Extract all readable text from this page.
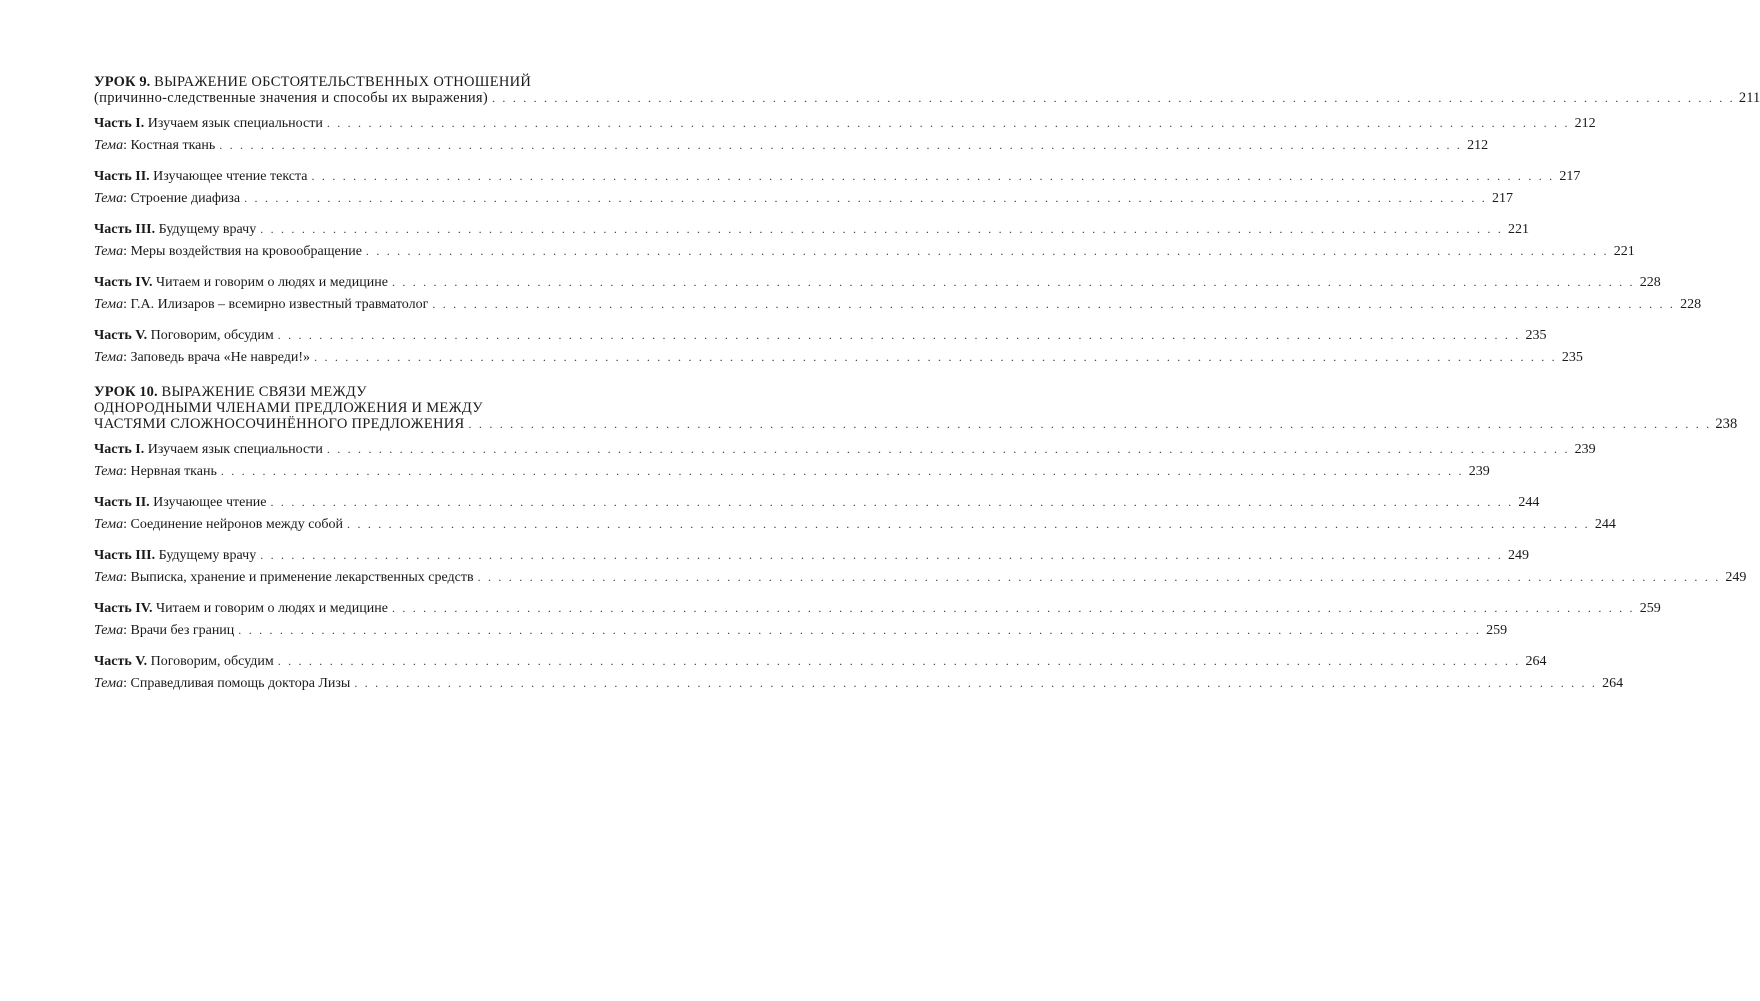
УРОК 9. ВЫРАЖЕНИЕ ОБСТОЯТЕЛЬСТВЕННЫХ ОТНОШЕНИЙ
(причинно-следственные значения и способы их выражения) . . . . . . . . . . . . . . . . . . . . . . . . . . . . . . . . . . . . . . . . . . . . . . . . . . . . . . . . . . . . . . . . . . . . . . . . . . . . . . . . . . . . . . . . . . . . . . . . . . . . . . . . . . . . . . . . . . . . . . . . 211
Часть I. Изучаем язык специальности . . . . . . . . . . . . . . . . . . . . . . . . . . . . . . . . . . . . . . . . . . . . . . . . . . . . . . . . . . . . . . . . . . . . . . . . . . . . . . . . . . . . . . . . . . . . . . . . . . . . . . . . . . . . . . . . . . . . . . . . 212
Тема: Костная ткань . . . . . . . . . . . . . . . . . . . . . . . . . . . . . . . . . . . . . . . . . . . . . . . . . . . . . . . . . . . . . . . . . . . . . . . . . . . . . . . . . . . . . . . . . . . . . . . . . . . . . . . . . . . . . . . . . . . . . . . . 212
Часть II. Изучающее чтение текста . . . . . . . . . . . . . . . . . . . . . . . . . . . . . . . . . . . . . . . . . . . . . . . . . . . . . . . . . . . . . . . . . . . . . . . . . . . . . . . . . . . . . . . . . . . . . . . . . . . . . . . . . . . . . . . . . . . . . . . . 217
Тема: Строение диафиза . . . . . . . . . . . . . . . . . . . . . . . . . . . . . . . . . . . . . . . . . . . . . . . . . . . . . . . . . . . . . . . . . . . . . . . . . . . . . . . . . . . . . . . . . . . . . . . . . . . . . . . . . . . . . . . . . . . . . . . . 217
Часть III. Будущему врачу . . . . . . . . . . . . . . . . . . . . . . . . . . . . . . . . . . . . . . . . . . . . . . . . . . . . . . . . . . . . . . . . . . . . . . . . . . . . . . . . . . . . . . . . . . . . . . . . . . . . . . . . . . . . . . . . . . . . . . . . 221
Тема: Меры воздействия на кровообращение . . . . . . . . . . . . . . . . . . . . . . . . . . . . . . . . . . . . . . . . . . . . . . . . . . . . . . . . . . . . . . . . . . . . . . . . . . . . . . . . . . . . . . . . . . . . . . . . . . . . . . . . . . . . . . . . . . . . . . . . 221
Часть IV. Читаем и говорим о людях и медицине . . . . . . . . . . . . . . . . . . . . . . . . . . . . . . . . . . . . . . . . . . . . . . . . . . . . . . . . . . . . . . . . . . . . . . . . . . . . . . . . . . . . . . . . . . . . . . . . . . . . . . . . . . . . . . . . . . . . . . . . 228
Тема: Г.А. Илизаров – всемирно известный травматолог . . . . . . . . . . . . . . . . . . . . . . . . . . . . . . . . . . . . . . . . . . . . . . . . . . . . . . . . . . . . . . . . . . . . . . . . . . . . . . . . . . . . . . . . . . . . . . . . . . . . . . . . . . . . . . . . . . . . . . . . 228
Часть V. Поговорим, обсудим . . . . . . . . . . . . . . . . . . . . . . . . . . . . . . . . . . . . . . . . . . . . . . . . . . . . . . . . . . . . . . . . . . . . . . . . . . . . . . . . . . . . . . . . . . . . . . . . . . . . . . . . . . . . . . . . . . . . . . . . 235
Тема: Заповедь врача «Не навреди!» . . . . . . . . . . . . . . . . . . . . . . . . . . . . . . . . . . . . . . . . . . . . . . . . . . . . . . . . . . . . . . . . . . . . . . . . . . . . . . . . . . . . . . . . . . . . . . . . . . . . . . . . . . . . . . . . . . . . . . . . 235
УРОК 10. ВЫРАЖЕНИЕ СВЯЗИ МЕЖДУ
ОДНОРОДНЫМИ ЧЛЕНАМИ ПРЕДЛОЖЕНИЯ И МЕЖДУ
ЧАСТЯМИ СЛОЖНОСОЧИНЁННОГО ПРЕДЛОЖЕНИЯ . . . . . . . . . . . . . . . . . . . . . . . . . . . . . . . . . . . . . . . . . . . . . . . . . . . . . . . . . . . . . . . . . . . . . . . . . . . . . . . . . . . . . . . . . . . . . . . . . . . . . . . . . . . . . . . . . . . . . . . . 238
Часть I. Изучаем язык специальности . . . . . . . . . . . . . . . . . . . . . . . . . . . . . . . . . . . . . . . . . . . . . . . . . . . . . . . . . . . . . . . . . . . . . . . . . . . . . . . . . . . . . . . . . . . . . . . . . . . . . . . . . . . . . . . . . . . . . . . . 239
Тема: Нервная ткань . . . . . . . . . . . . . . . . . . . . . . . . . . . . . . . . . . . . . . . . . . . . . . . . . . . . . . . . . . . . . . . . . . . . . . . . . . . . . . . . . . . . . . . . . . . . . . . . . . . . . . . . . . . . . . . . . . . . . . . . 239
Часть II. Изучающее чтение . . . . . . . . . . . . . . . . . . . . . . . . . . . . . . . . . . . . . . . . . . . . . . . . . . . . . . . . . . . . . . . . . . . . . . . . . . . . . . . . . . . . . . . . . . . . . . . . . . . . . . . . . . . . . . . . . . . . . . . . 244
Тема: Соединение нейронов между собой . . . . . . . . . . . . . . . . . . . . . . . . . . . . . . . . . . . . . . . . . . . . . . . . . . . . . . . . . . . . . . . . . . . . . . . . . . . . . . . . . . . . . . . . . . . . . . . . . . . . . . . . . . . . . . . . . . . . . . . . 244
Часть III. Будущему врачу . . . . . . . . . . . . . . . . . . . . . . . . . . . . . . . . . . . . . . . . . . . . . . . . . . . . . . . . . . . . . . . . . . . . . . . . . . . . . . . . . . . . . . . . . . . . . . . . . . . . . . . . . . . . . . . . . . . . . . . . 249
Тема: Выписка, хранение и применение лекарственных средств . . . . . . . . . . . . . . . . . . . . . . . . . . . . . . . . . . . . . . . . . . . . . . . . . . . . . . . . . . . . . . . . . . . . . . . . . . . . . . . . . . . . . . . . . . . . . . . . . . . . . . . . . . . . . . . . . . . . . . . . 249
Часть IV. Читаем и говорим о людях и медицине . . . . . . . . . . . . . . . . . . . . . . . . . . . . . . . . . . . . . . . . . . . . . . . . . . . . . . . . . . . . . . . . . . . . . . . . . . . . . . . . . . . . . . . . . . . . . . . . . . . . . . . . . . . . . . . . . . . . . . . . 259
Тема: Врачи без границ . . . . . . . . . . . . . . . . . . . . . . . . . . . . . . . . . . . . . . . . . . . . . . . . . . . . . . . . . . . . . . . . . . . . . . . . . . . . . . . . . . . . . . . . . . . . . . . . . . . . . . . . . . . . . . . . . . . . . . . . 259
Часть V. Поговорим, обсудим . . . . . . . . . . . . . . . . . . . . . . . . . . . . . . . . . . . . . . . . . . . . . . . . . . . . . . . . . . . . . . . . . . . . . . . . . . . . . . . . . . . . . . . . . . . . . . . . . . . . . . . . . . . . . . . . . . . . . . . . 264
Тема: Справедливая помощь доктора Лизы . . . . . . . . . . . . . . . . . . . . . . . . . . . . . . . . . . . . . . . . . . . . . . . . . . . . . . . . . . . . . . . . . . . . . . . . . . . . . . . . . . . . . . . . . . . . . . . . . . . . . . . . . . . . . . . . . . . . . . . . 264
